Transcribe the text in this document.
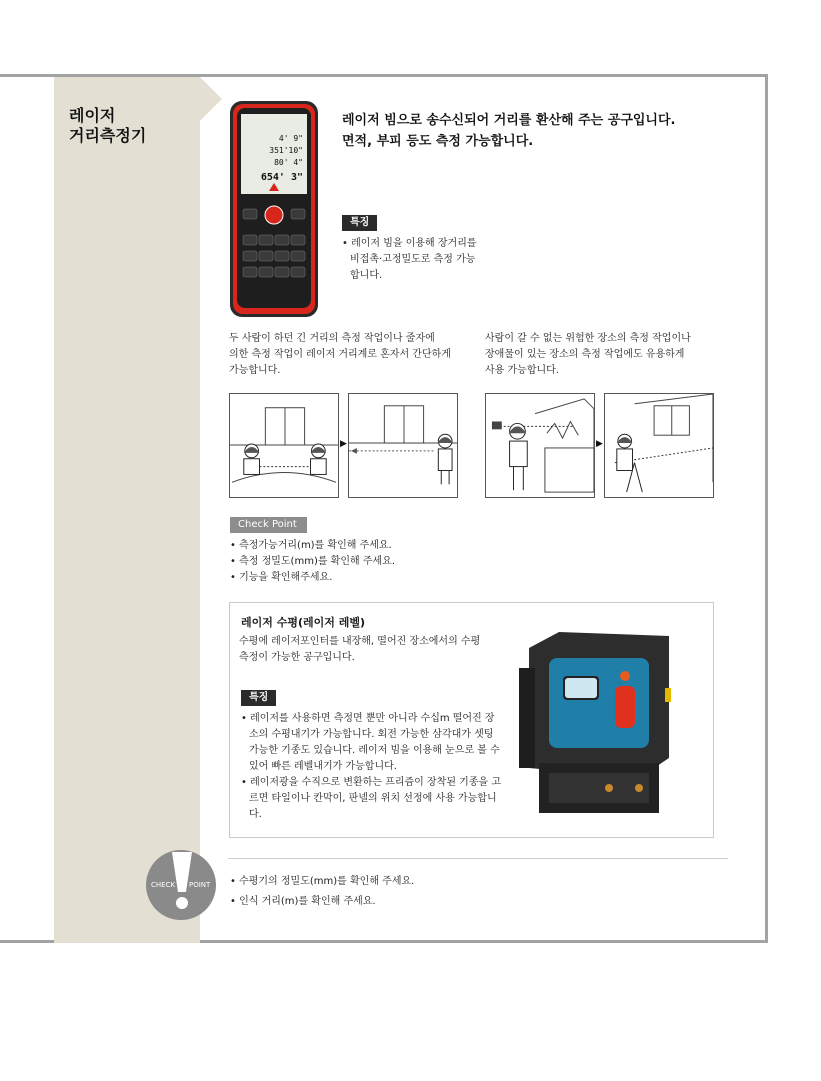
레이저
거리측정기	4' 9"
351'10"
80' 4"
654' 3"

레이저 빔으로 송수신되어 거리를 환산해 주는 공구입니다.
면적, 부피 등도 측정 가능합니다.

특징
• 레이저 빔을 이용해 장거리를 비접촉·고정밀도로 측정 가능합니다.

두 사람이 하던 긴 거리의 측정 작업이나 줄자에
의한 측정 작업이 레이저 거리계로 혼자서 간단하게
가능합니다.

사람이 갈 수 없는 위험한 장소의 측정 작업이나
장애물이 있는 장소의 측정 작업에도 유용하게
사용 가능합니다.

▶	▶
Check Point
• 측정가능거리(m)를 확인해 주세요.
• 측정 정밀도(mm)를 확인해 주세요.
• 기능을 확인해주세요.
레이저 수평(레이저 레벨)

수평에 레이저포인터를 내장해, 떨어진 장소에서의 수평
측정이 가능한 공구입니다.

특징
• 레이저를 사용하면 측정면 뿐만 아니라 수십m 떨어진 장소의 수평내기가 가능합니다. 회전 가능한 삼각대가 셋팅 가능한 기종도 있습니다. 레이저 빔을 이용해 눈으로 볼 수 있어 빠른 레벨내기가 가능합니다.
• 레이저광을 수직으로 변환하는 프리즘이 장착된 기종을 고르면 타일이나 칸막이, 판넬의 위치 선정에 사용 가능합니다.
CHECK POINT
•	수평기의 정밀도(mm)를 확인해 주세요.
• 인식 거리(m)를 확인해 주세요.
